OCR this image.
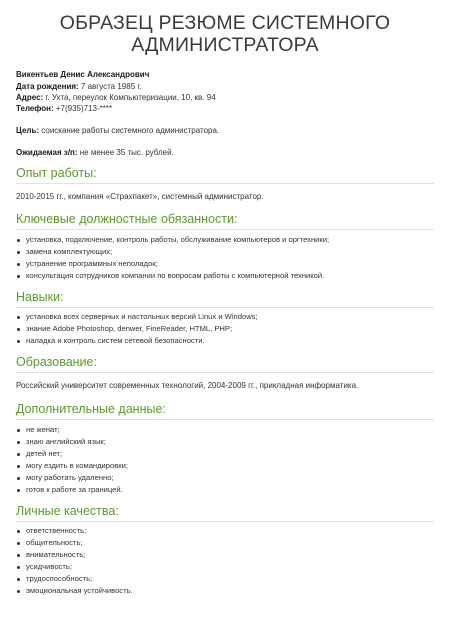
ОБРАЗЕЦ РЕЗЮМЕ СИСТЕМНОГО
АДМИНИСТРАТОРА
Викентьев Денис Александрович
Дата рождения: 7 августа 1985 г.
Адрес: г. Ухта, переулок Компьютеризации, 10, кв. 94
Телефон: +7(935)713-****
Цель: соискание работы системного администратора.
Ожидаемая з/п: не менее 35 тыс. рублей.
Опыт работы:
2010-2015 гг., компания «Страхпакет», системный администратор.
Ключевые должностные обязанности:
установка, подключение, контроль работы, обслуживание компьютеров и оргтехники;
замена комплектующих;
устранение программных неполадок;
консультация сотрудников компании по вопросам работы с компьютерной техникой.
Навыки:
установка всех серверных и настольных версий Linux и Windows;
знание Adobe Photoshop, denwer, FineReader, HTML, PHP;
наладка и контроль систем сетевой безопасности.
Образование:
Российский университет современных технологий, 2004-2009 гг., прикладная информатика.
Дополнительные данные:
не женат;
знаю английский язык;
детей нет;
могу ездить в командировки;
могу работать удаленно;
готов к работе за границей.
Личные качества:
ответственность;
общительность;
внимательность;
усидчивость;
трудоспособность;
эмоциональная устойчивость.
